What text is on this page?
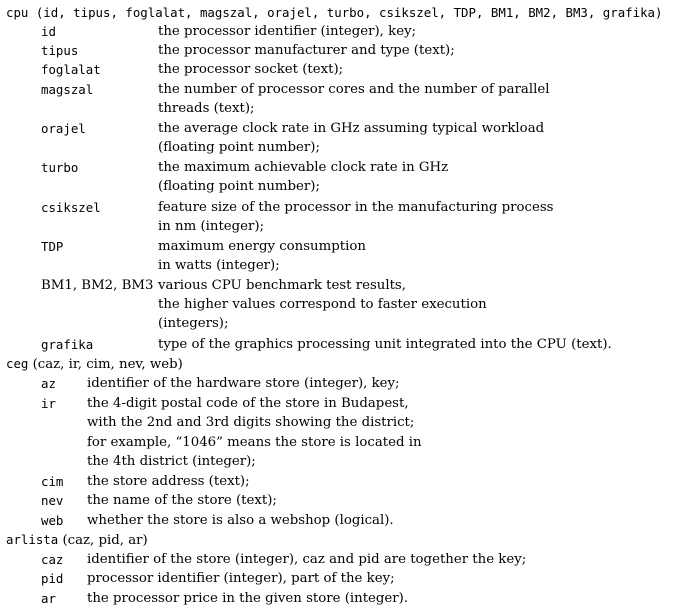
cpu (id, tipus, foglalat, magszal, orajel, turbo, csikszel, TDP, BM1, BM2, BM3, grafika)
id	the processor identifier (integer), key;
tipus	the processor manufacturer and type (text);
foglalat	the processor socket (text);
magszal	the number of processor cores and the number of parallel
threads (text);
orajel	the average clock rate in GHz assuming typical workload
(floating point number);
turbo	the maximum achievable clock rate in GHz
(floating point number);
csikszel	feature size of the processor in the manufacturing process
in nm (integer);
TDP	maximum energy consumption
in watts (integer);
BM1, BM2, BM3 various CPU benchmark test results,
the higher values correspond to faster execution
(integers);
grafika	type of the graphics processing unit integrated into the CPU (text).
ceg (caz, ir, cim, nev, web)
az identifier of the hardware store (integer), key;
ir the 4-digit postal code of the store in Budapest,
with the 2nd and 3rd digits showing the district;
for example, “1046” means the store is located in
the 4th district (integer);
cim the store address (text);
nev the name of the store (text);
web whether the store is also a webshop (logical).
arlista (caz, pid, ar)
caz identifier of the store (integer), caz and pid are together the key;
pid processor identifier (integer), part of the key;
ar the processor price in the given store (integer).
